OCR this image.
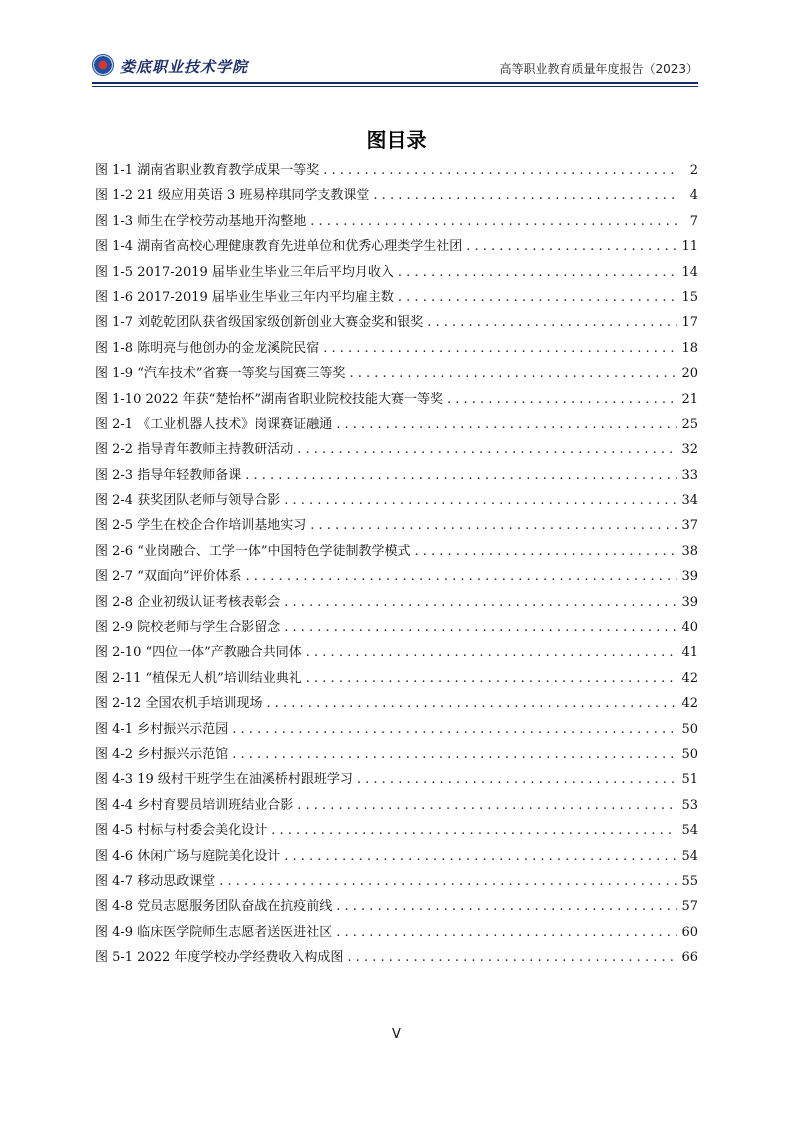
娄底职业技术学院	高等职业教育质量年度报告（2023）
图目录
图 1-1 湖南省职业教育教学成果一等奖 . . .	2
图 1-2 21 级应用英语 3 班易梓琪同学支教课堂 . . .	4
图 1-3 师生在学校劳动基地开沟整地 . . .	7
图 1-4 湖南省高校心理健康教育先进单位和优秀心理类学生社团 . . .	11
图 1-5 2017-2019 届毕业生毕业三年后平均月收入 . . .	14
图 1-6 2017-2019 届毕业生毕业三年内平均雇主数 . . .	15
图 1-7 刘乾乾团队获省级国家级创新创业大赛金奖和银奖 . . .	17
图 1-8 陈明亮与他创办的金龙溪院民宿 . . .	18
图 1-9 “汽车技术”省赛一等奖与国赛三等奖 . . .	20
图 1-10 2022 年获“楚怡杯”湖南省职业院校技能大赛一等奖 . . .	21
图 2-1 《工业机器人技术》岗课赛证融通 . . .	25
图 2-2 指导青年教师主持教研活动 . . .	32
图 2-3 指导年轻教师备课 . . .	33
图 2-4 获奖团队老师与领导合影 . . .	34
图 2-5 学生在校企合作培训基地实习 . . .	37
图 2-6 “业岗融合、工学一体”中国特色学徒制教学模式 . . .	38
图 2-7 “双面向”评价体系 . . .	39
图 2-8 企业初级认证考核表彰会 . . .	39
图 2-9 院校老师与学生合影留念 . . .	40
图 2-10 “四位一体”产教融合共同体 . . .	41
图 2-11 “植保无人机”培训结业典礼 . . .	42
图 2-12 全国农机手培训现场 . . .	42
图 4-1 乡村振兴示范园 . . .	50
图 4-2 乡村振兴示范馆 . . .	50
图 4-3 19 级村干班学生在油溪桥村跟班学习 . . .	51
图 4-4 乡村育婴员培训班结业合影 . . .	53
图 4-5 村标与村委会美化设计 . . .	54
图 4-6 休闲广场与庭院美化设计 . . .	54
图 4-7 移动思政课堂 . . .	55
图 4-8 党员志愿服务团队奋战在抗疫前线 . . .	57
图 4-9 临床医学院师生志愿者送医进社区 . . .	60
图 5-1 2022 年度学校办学经费收入构成图 . . .	66
V
